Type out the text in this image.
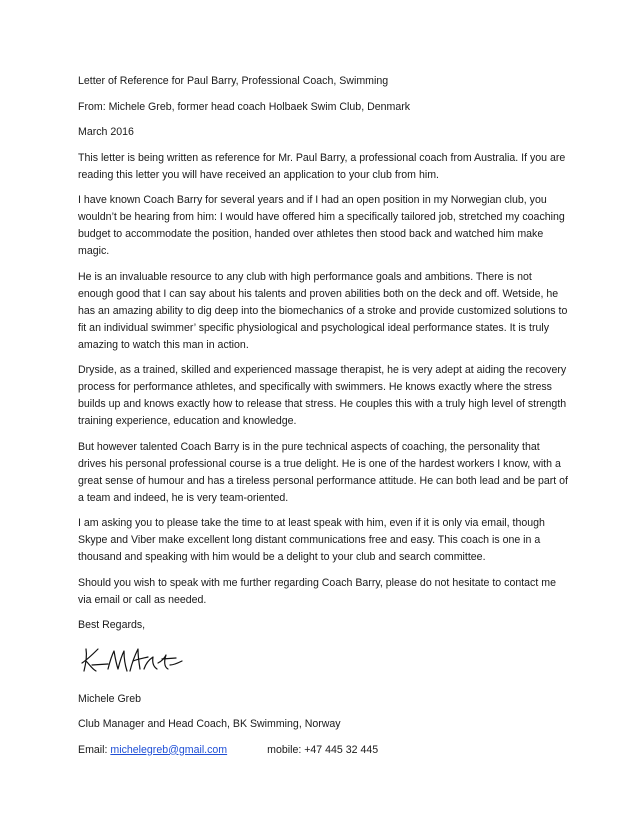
Letter of Reference for Paul Barry, Professional Coach, Swimming

From: Michele Greb, former head coach Holbaek Swim Club, Denmark

March 2016

This letter is being written as reference for Mr. Paul Barry, a professional coach from Australia. If you are reading this letter you will have received an application to your club from him.

I have known Coach Barry for several years and if I had an open position in my Norwegian club, you wouldn’t be hearing from him: I would have offered him a specifically tailored job, stretched my coaching budget to accommodate the position, handed over athletes then stood back and watched him make magic.

He is an invaluable resource to any club with high performance goals and ambitions. There is not enough good that I can say about his talents and proven abilities both on the deck and off. Wetside, he has an amazing ability to dig deep into the biomechanics of a stroke and provide customized solutions to fit an individual swimmer’ specific physiological and psychological ideal performance states. It is truly amazing to watch this man in action.

Dryside, as a trained, skilled and experienced massage therapist, he is very adept at aiding the recovery process for performance athletes, and specifically with swimmers. He knows exactly where the stress builds up and knows exactly how to release that stress. He couples this with a truly high level of strength training experience, education and knowledge.

But however talented Coach Barry is in the pure technical aspects of coaching, the personality that drives his personal professional course is a true delight. He is one of the hardest workers I know, with a great sense of humour and has a tireless personal performance attitude. He can both lead and be part of a team and indeed, he is very team-oriented.

I am asking you to please take the time to at least speak with him, even if it is only via email, though Skype and Viber make excellent long distant communications free and easy. This coach is one in a thousand and speaking with him would be a delight to your club and search committee.

Should you wish to speak with me further regarding Coach Barry, please do not hesitate to contact me via email or call as needed.

Best Regards,

Michele Greb

Club Manager and Head Coach, BK Swimming, Norway

Email: michelegreb@gmail.com	mobile: +47 445 32 445
